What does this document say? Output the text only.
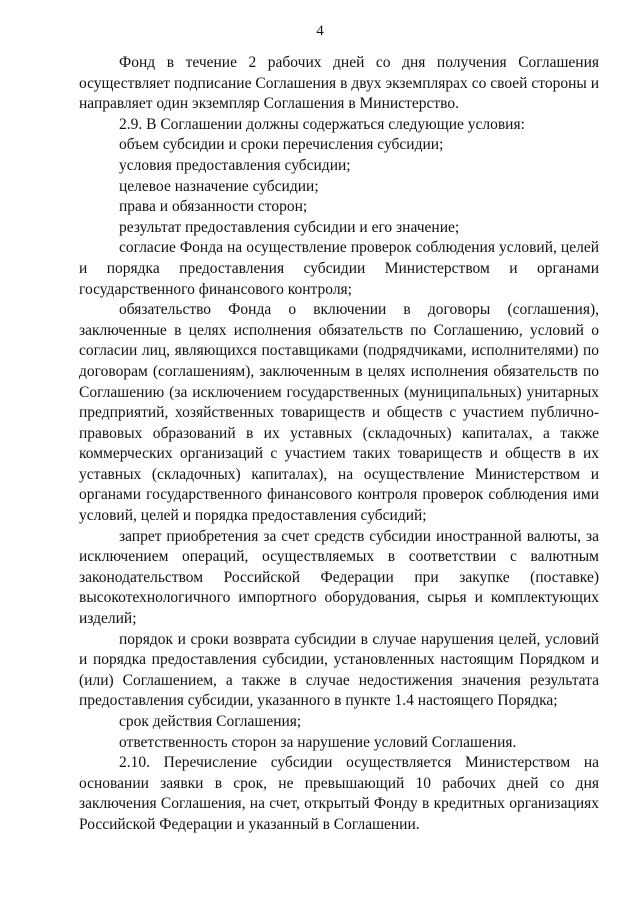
4

Фонд в течение 2 рабочих дней со дня получения Соглашения осуществляет подписание Соглашения в двух экземплярах со своей стороны и направляет один экземпляр Соглашения в Министерство.

2.9. В Соглашении должны содержаться следующие условия:

объем субсидии и сроки перечисления субсидии;

условия предоставления субсидии;

целевое назначение субсидии;

права и обязанности сторон;

результат предоставления субсидии и его значение;

согласие Фонда на осуществление проверок соблюдения условий, целей и порядка предоставления субсидии Министерством и органами государственного финансового контроля;

обязательство Фонда о включении в договоры (соглашения), заключенные в целях исполнения обязательств по Соглашению, условий о согласии лиц, являющихся поставщиками (подрядчиками, исполнителями) по договорам (соглашениям), заключенным в целях исполнения обязательств по Соглашению (за исключением государственных (муниципальных) унитарных предприятий, хозяйственных товариществ и обществ с участием публично-правовых образований в их уставных (складочных) капиталах, а также коммерческих организаций с участием таких товариществ и обществ в их уставных (складочных) капиталах), на осуществление Министерством и органами государственного финансового контроля проверок соблюдения ими условий, целей и порядка предоставления субсидий;

запрет приобретения за счет средств субсидии иностранной валюты, за исключением операций, осуществляемых в соответствии с валютным законодательством Российской Федерации при закупке (поставке) высокотехнологичного импортного оборудования, сырья и комплектующих изделий;

порядок и сроки возврата субсидии в случае нарушения целей, условий и порядка предоставления субсидии, установленных настоящим Порядком и (или) Соглашением, а также в случае недостижения значения результата предоставления субсидии, указанного в пункте 1.4 настоящего Порядка;

срок действия Соглашения;

ответственность сторон за нарушение условий Соглашения.

2.10. Перечисление субсидии осуществляется Министерством на основании заявки в срок, не превышающий 10 рабочих дней со дня заключения Соглашения, на счет, открытый Фонду в кредитных организациях Российской Федерации и указанный в Соглашении.
